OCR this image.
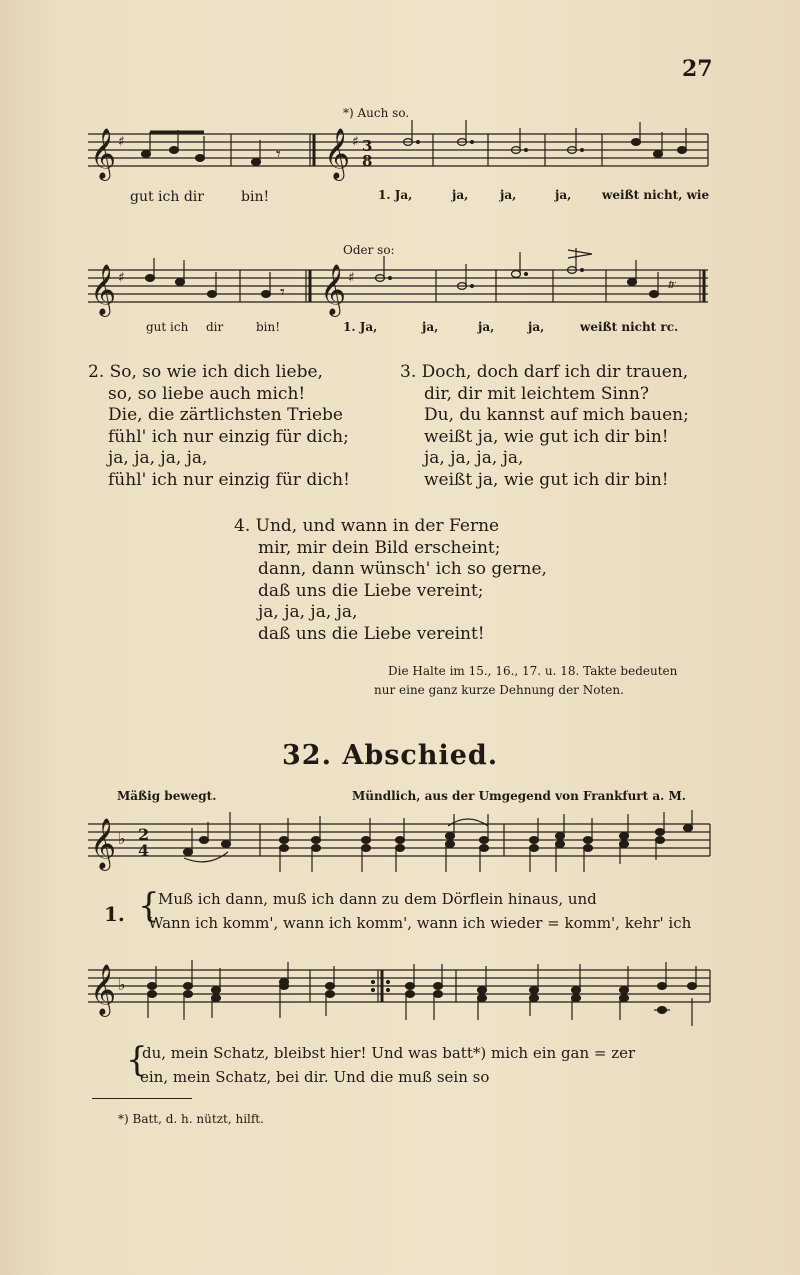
27
*) Auch so.
𝄞	𝄞
♯	♯ 3
8
𝄾
gut ich dir	bin!	1. Ja,	ja,	ja,	ja,	weißt nicht, wie
Oder so:
𝄞	𝄞
♯	♯
𝄾	𝆖
gut ich dir	bin!	1. Ja,	ja,	ja,	ja,	weißt nicht rc.
2. So, so wie ich dich liebe,
so, so liebe auch mich!
Die, die zärtlichsten Triebe
fühl' ich nur einzig für dich;
ja, ja, ja, ja,
fühl' ich nur einzig für dich!
3. Doch, doch darf ich dir trauen,
dir, dir mit leichtem Sinn?
Du, du kannst auf mich bauen;
weißt ja, wie gut ich dir bin!
ja, ja, ja, ja,
weißt ja, wie gut ich dir bin!
4. Und, und wann in der Ferne
mir, mir dein Bild erscheint;
dann, dann wünsch' ich so gerne,
daß uns die Liebe vereint;
ja, ja, ja, ja,
daß uns die Liebe vereint!
Die Halte im 15., 16., 17. u. 18. Takte bedeuten
nur eine ganz kurze Dehnung der Noten.
32. Abschied.
Mäßig bewegt.	Mündlich, aus der Umgegend von Frankfurt a. M.
𝄞 ♭ 2
4
1. {
Muß ich dann, muß ich dann zu dem Dörflein hinaus, und
Wann ich komm', wann ich komm', wann ich wieder = komm', kehr' ich
𝄞 ♭
{
du, mein Schatz, bleibst hier! Und was batt*) mich ein gan = zer
ein, mein Schatz, bei dir. Und die muß sein so
*) Batt, d. h. nützt, hilft.
